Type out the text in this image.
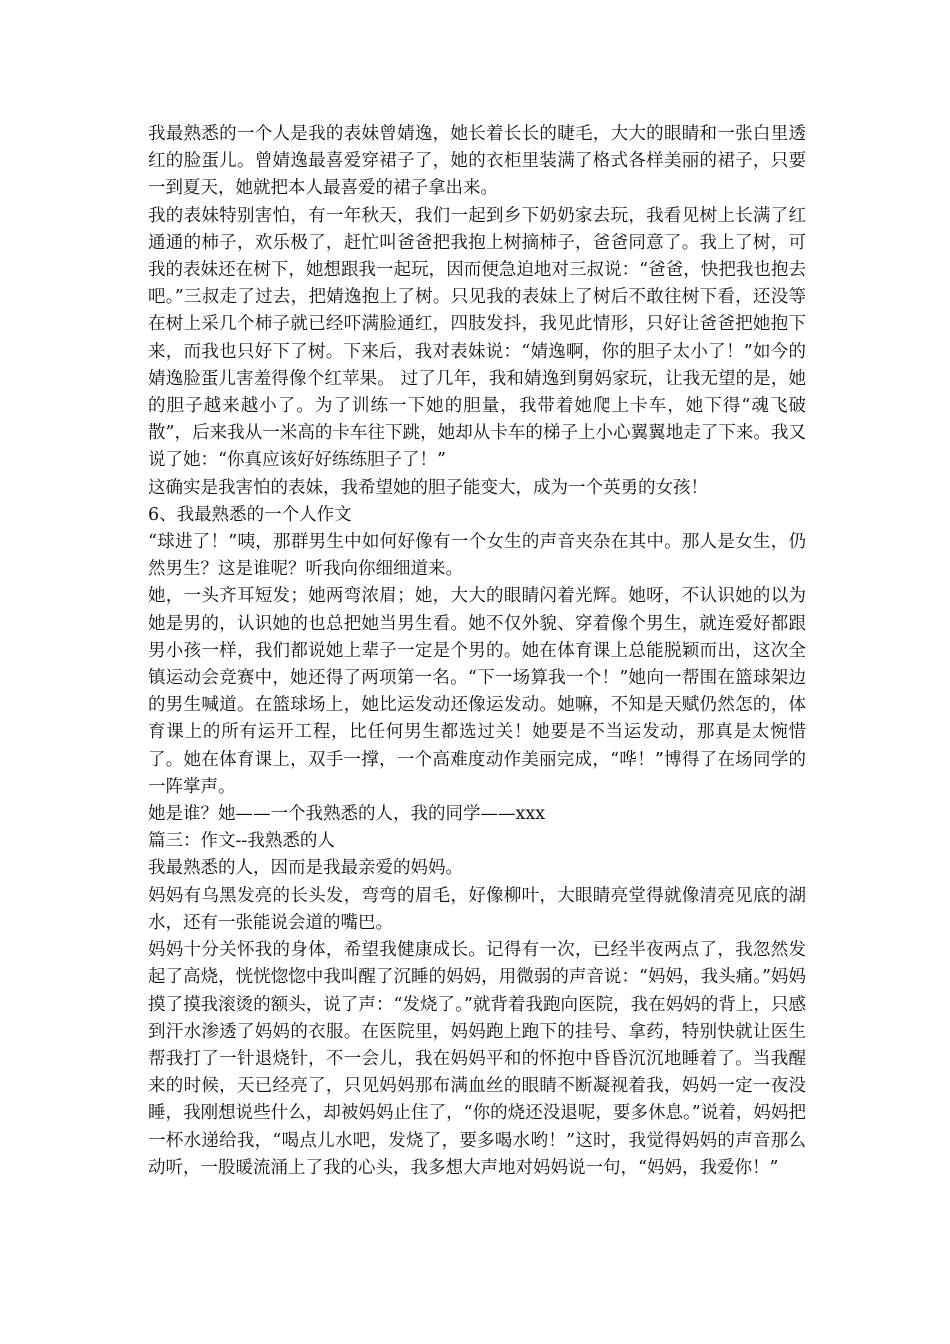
我最熟悉的一个人是我的表妹曾婧逸，她长着长长的睫毛，大大的眼睛和一张白里透红的脸蛋儿。曾婧逸最喜爱穿裙子了，她的衣柜里装满了格式各样美丽的裙子，只要一到夏天，她就把本人最喜爱的裙子拿出来。

我的表妹特别害怕，有一年秋天，我们一起到乡下奶奶家去玩，我看见树上长满了红通通的柿子，欢乐极了，赶忙叫爸爸把我抱上树摘柿子，爸爸同意了。我上了树，可我的表妹还在树下，她想跟我一起玩，因而便急迫地对三叔说：“爸爸，快把我也抱去吧。”三叔走了过去，把婧逸抱上了树。只见我的表妹上了树后不敢往树下看，还没等在树上采几个柿子就已经吓满脸通红，四肢发抖，我见此情形，只好让爸爸把她抱下来，而我也只好下了树。下来后，我对表妹说：“婧逸啊，你的胆子太小了！”如今的婧逸脸蛋儿害羞得像个红苹果。 过了几年，我和婧逸到舅妈家玩，让我无望的是，她的胆子越来越小了。为了训练一下她的胆量，我带着她爬上卡车，她下得“魂飞破散”，后来我从一米高的卡车往下跳，她却从卡车的梯子上小心翼翼地走了下来。我又说了她：“你真应该好好练练胆子了！”

这确实是我害怕的表妹，我希望她的胆子能变大，成为一个英勇的女孩！

6、我最熟悉的一个人作文

“球进了！”咦，那群男生中如何好像有一个女生的声音夹杂在其中。那人是女生，仍然男生？这是谁呢？听我向你细细道来。

她，一头齐耳短发；她两弯浓眉；她，大大的眼睛闪着光辉。她呀，不认识她的以为她是男的，认识她的也总把她当男生看。她不仅外貌、穿着像个男生，就连爱好都跟男小孩一样，我们都说她上辈子一定是个男的。她在体育课上总能脱颖而出，这次全镇运动会竞赛中，她还得了两项第一名。“下一场算我一个！”她向一帮围在篮球架边的男生喊道。在篮球场上，她比运发动还像运发动。她嘛，不知是天赋仍然怎的，体育课上的所有运开工程，比任何男生都选过关！她要是不当运发动，那真是太惋惜了。她在体育课上，双手一撑，一个高难度动作美丽完成，“哗！”博得了在场同学的一阵掌声。

她是谁？她——一个我熟悉的人，我的同学——xxx

篇三：作文--我熟悉的人

我最熟悉的人，因而是我最亲爱的妈妈。

妈妈有乌黑发亮的长头发，弯弯的眉毛，好像柳叶，大眼睛亮堂得就像清亮见底的湖水，还有一张能说会道的嘴巴。

妈妈十分关怀我的身体，希望我健康成长。记得有一次，已经半夜两点了，我忽然发起了高烧，恍恍惚惚中我叫醒了沉睡的妈妈，用微弱的声音说：“妈妈，我头痛。”妈妈摸了摸我滚烫的额头，说了声：“发烧了。”就背着我跑向医院，我在妈妈的背上，只感到汗水渗透了妈妈的衣服。在医院里，妈妈跑上跑下的挂号、拿药，特别快就让医生帮我打了一针退烧针，不一会儿，我在妈妈平和的怀抱中昏昏沉沉地睡着了。当我醒来的时候，天已经亮了，只见妈妈那布满血丝的眼睛不断凝视着我，妈妈一定一夜没睡，我刚想说些什么，却被妈妈止住了，“你的烧还没退呢，要多休息。”说着，妈妈把一杯水递给我，“喝点儿水吧，发烧了，要多喝水哟！”这时，我觉得妈妈的声音那么动听，一股暖流涌上了我的心头，我多想大声地对妈妈说一句，“妈妈，我爱你！”
